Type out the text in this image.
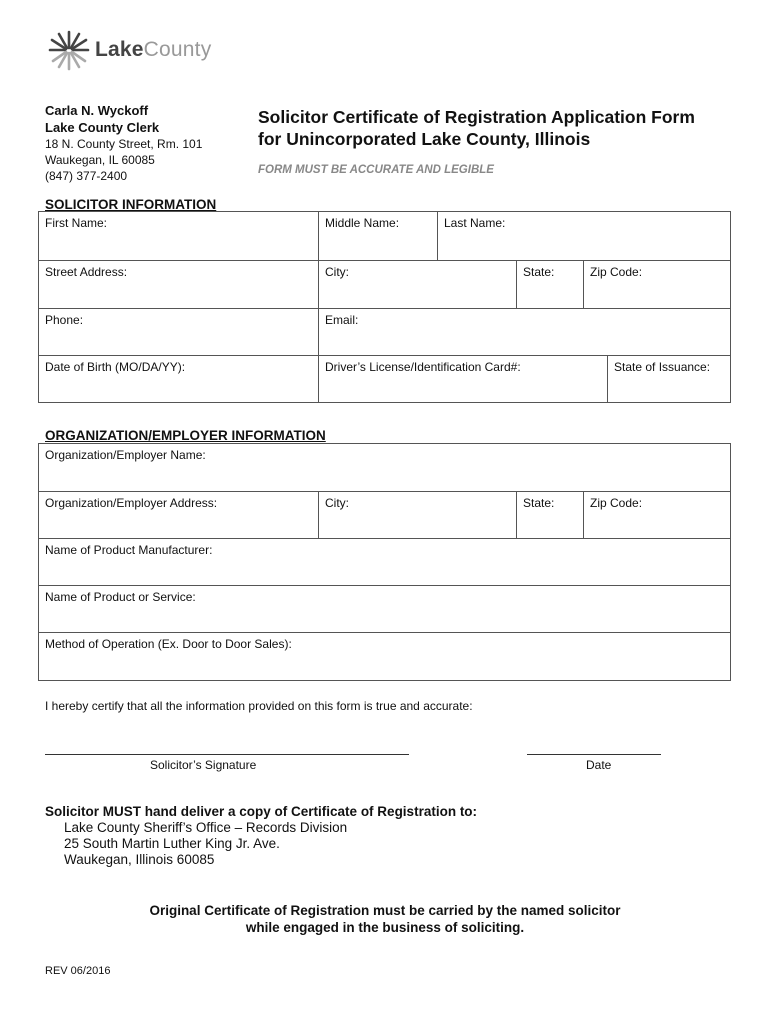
LakeCounty
Carla N. Wyckoff
Lake County Clerk
18 N. County Street, Rm. 101
Waukegan, IL 60085
(847) 377-2400
Solicitor Certificate of Registration Application Form
for Unincorporated Lake County, Illinois
FORM MUST BE ACCURATE AND LEGIBLE
SOLICITOR INFORMATION
First Name:	Middle Name:	Last Name:
Street Address:	City:	State:	Zip Code:
Phone:	Email:
Date of Birth (MO/DA/YY):	Driver’s License/Identification Card#:	State of Issuance:
ORGANIZATION/EMPLOYER INFORMATION
Organization/Employer Name:
Organization/Employer Address:	City:	State:	Zip Code:
Name of Product Manufacturer:
Name of Product or Service:
Method of Operation (Ex. Door to Door Sales):
I hereby certify that all the information provided on this form is true and accurate:
Solicitor’s Signature	Date
Solicitor MUST hand deliver a copy of Certificate of Registration to:
Lake County Sheriff’s Office – Records Division
25 South Martin Luther King Jr. Ave.
Waukegan, Illinois 60085
Original Certificate of Registration must be carried by the named solicitor
while engaged in the business of soliciting.
REV 06/2016
